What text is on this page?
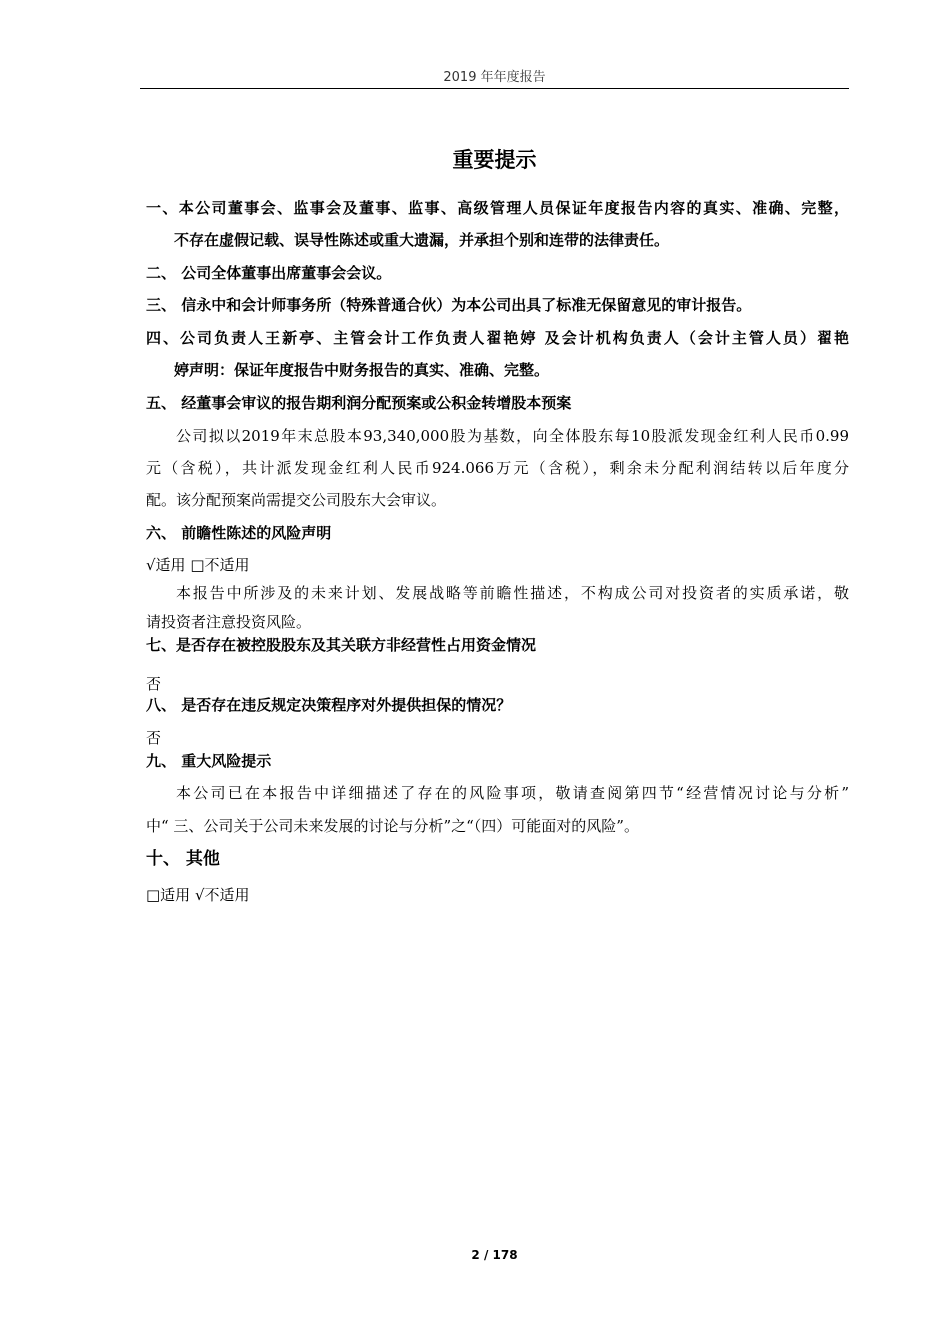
2019 年年度报告
重要提示
一、本公司董事会、监事会及董事、监事、高级管理人员保证年度报告内容的真实、准确、完整，
不存在虚假记载、误导性陈述或重大遗漏，并承担个别和连带的法律责任。
二、 公司全体董事出席董事会会议。
三、 信永中和会计师事务所（特殊普通合伙）为本公司出具了标准无保留意见的审计报告。
四、公司负责人王新亭、主管会计工作负责人翟艳婷 及会计机构负责人（会计主管人员）翟艳
婷声明：保证年度报告中财务报告的真实、准确、完整。
五、 经董事会审议的报告期利润分配预案或公积金转增股本预案
公司拟以2019年末总股本93,340,000股为基数，向全体股东每10股派发现金红利人民币0.99
元（含税），共计派发现金红利人民币924.066万元（含税），剩余未分配利润结转以后年度分
配。该分配预案尚需提交公司股东大会审议。
六、 前瞻性陈述的风险声明
√适用 □不适用
本报告中所涉及的未来计划、发展战略等前瞻性描述，不构成公司对投资者的实质承诺，敬
请投资者注意投资风险。
七、是否存在被控股股东及其关联方非经营性占用资金情况
否
八、 是否存在违反规定决策程序对外提供担保的情况？
否
九、 重大风险提示
本公司已在本报告中详细描述了存在的风险事项，敬请查阅第四节“经营情况讨论与分析”
中“ 三、公司关于公司未来发展的讨论与分析”之“（四）可能面对的风险”。
十、 其他
□适用 √不适用
2 / 178
